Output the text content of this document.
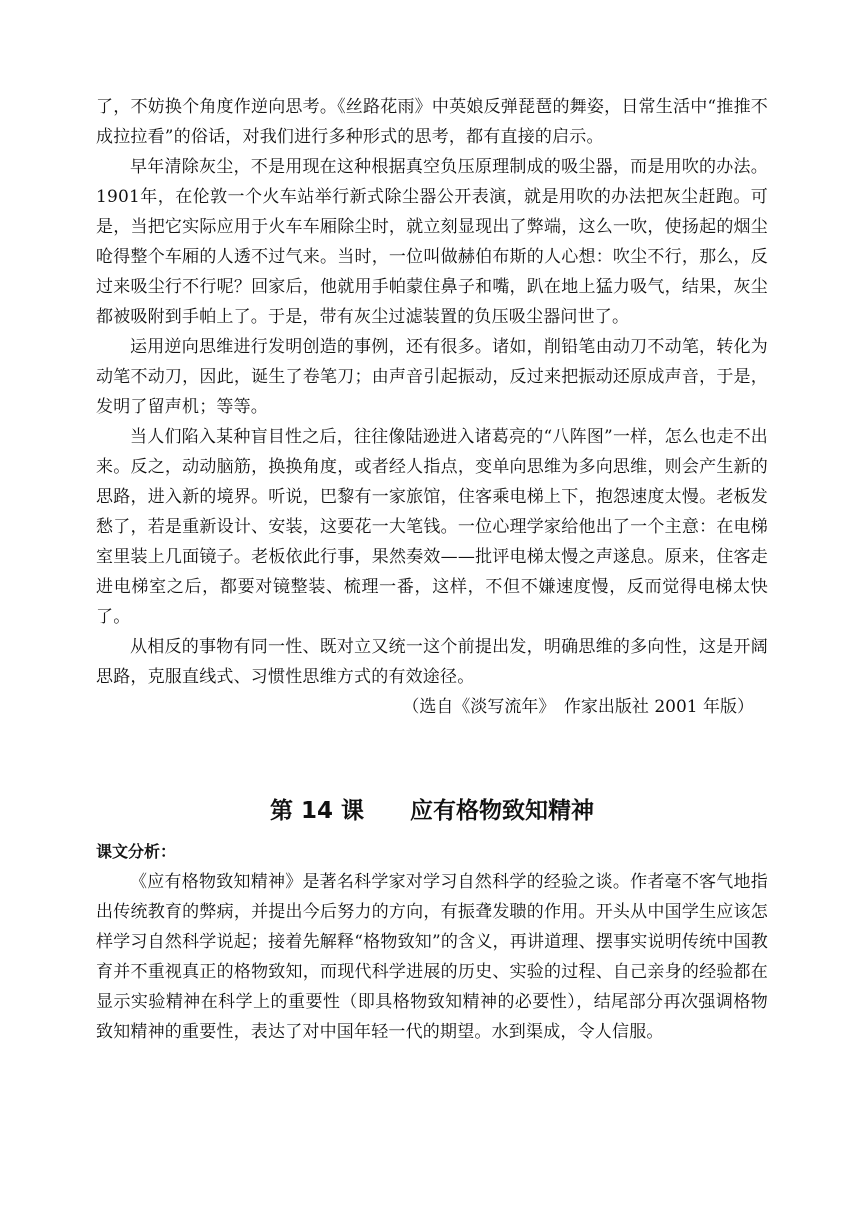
了，不妨换个角度作逆向思考。《丝路花雨》中英娘反弹琵琶的舞姿，日常生活中“推推不成拉拉看”的俗话，对我们进行多种形式的思考，都有直接的启示。

早年清除灰尘，不是用现在这种根据真空负压原理制成的吸尘器，而是用吹的办法。1901年，在伦敦一个火车站举行新式除尘器公开表演，就是用吹的办法把灰尘赶跑。可是，当把它实际应用于火车车厢除尘时，就立刻显现出了弊端，这么一吹，使扬起的烟尘呛得整个车厢的人透不过气来。当时，一位叫做赫伯布斯的人心想：吹尘不行，那么，反过来吸尘行不行呢？回家后，他就用手帕蒙住鼻子和嘴，趴在地上猛力吸气，结果，灰尘都被吸附到手帕上了。于是，带有灰尘过滤装置的负压吸尘器问世了。

运用逆向思维进行发明创造的事例，还有很多。诸如，削铅笔由动刀不动笔，转化为动笔不动刀，因此，诞生了卷笔刀；由声音引起振动，反过来把振动还原成声音，于是，发明了留声机；等等。

当人们陷入某种盲目性之后，往往像陆逊进入诸葛亮的“八阵图”一样，怎么也走不出来。反之，动动脑筋，换换角度，或者经人指点，变单向思维为多向思维，则会产生新的思路，进入新的境界。听说，巴黎有一家旅馆，住客乘电梯上下，抱怨速度太慢。老板发愁了，若是重新设计、安装，这要花一大笔钱。一位心理学家给他出了一个主意：在电梯室里装上几面镜子。老板依此行事，果然奏效——批评电梯太慢之声遂息。原来，住客走进电梯室之后，都要对镜整装、梳理一番，这样，不但不嫌速度慢，反而觉得电梯太快了。

从相反的事物有同一性、既对立又统一这个前提出发，明确思维的多向性，这是开阔思路，克服直线式、习惯性思维方式的有效途径。

（选自《淡写流年》　作家出版社 2001 年版）

第 14 课　　应有格物致知精神

课文分析：

《应有格物致知精神》是著名科学家对学习自然科学的经验之谈。作者毫不客气地指出传统教育的弊病，并提出今后努力的方向，有振聋发聩的作用。开头从中国学生应该怎样学习自然科学说起；接着先解释“格物致知”的含义，再讲道理、摆事实说明传统中国教育并不重视真正的格物致知，而现代科学进展的历史、实验的过程、自己亲身的经验都在显示实验精神在科学上的重要性（即具格物致知精神的必要性），结尾部分再次强调格物致知精神的重要性，表达了对中国年轻一代的期望。水到渠成，令人信服。
